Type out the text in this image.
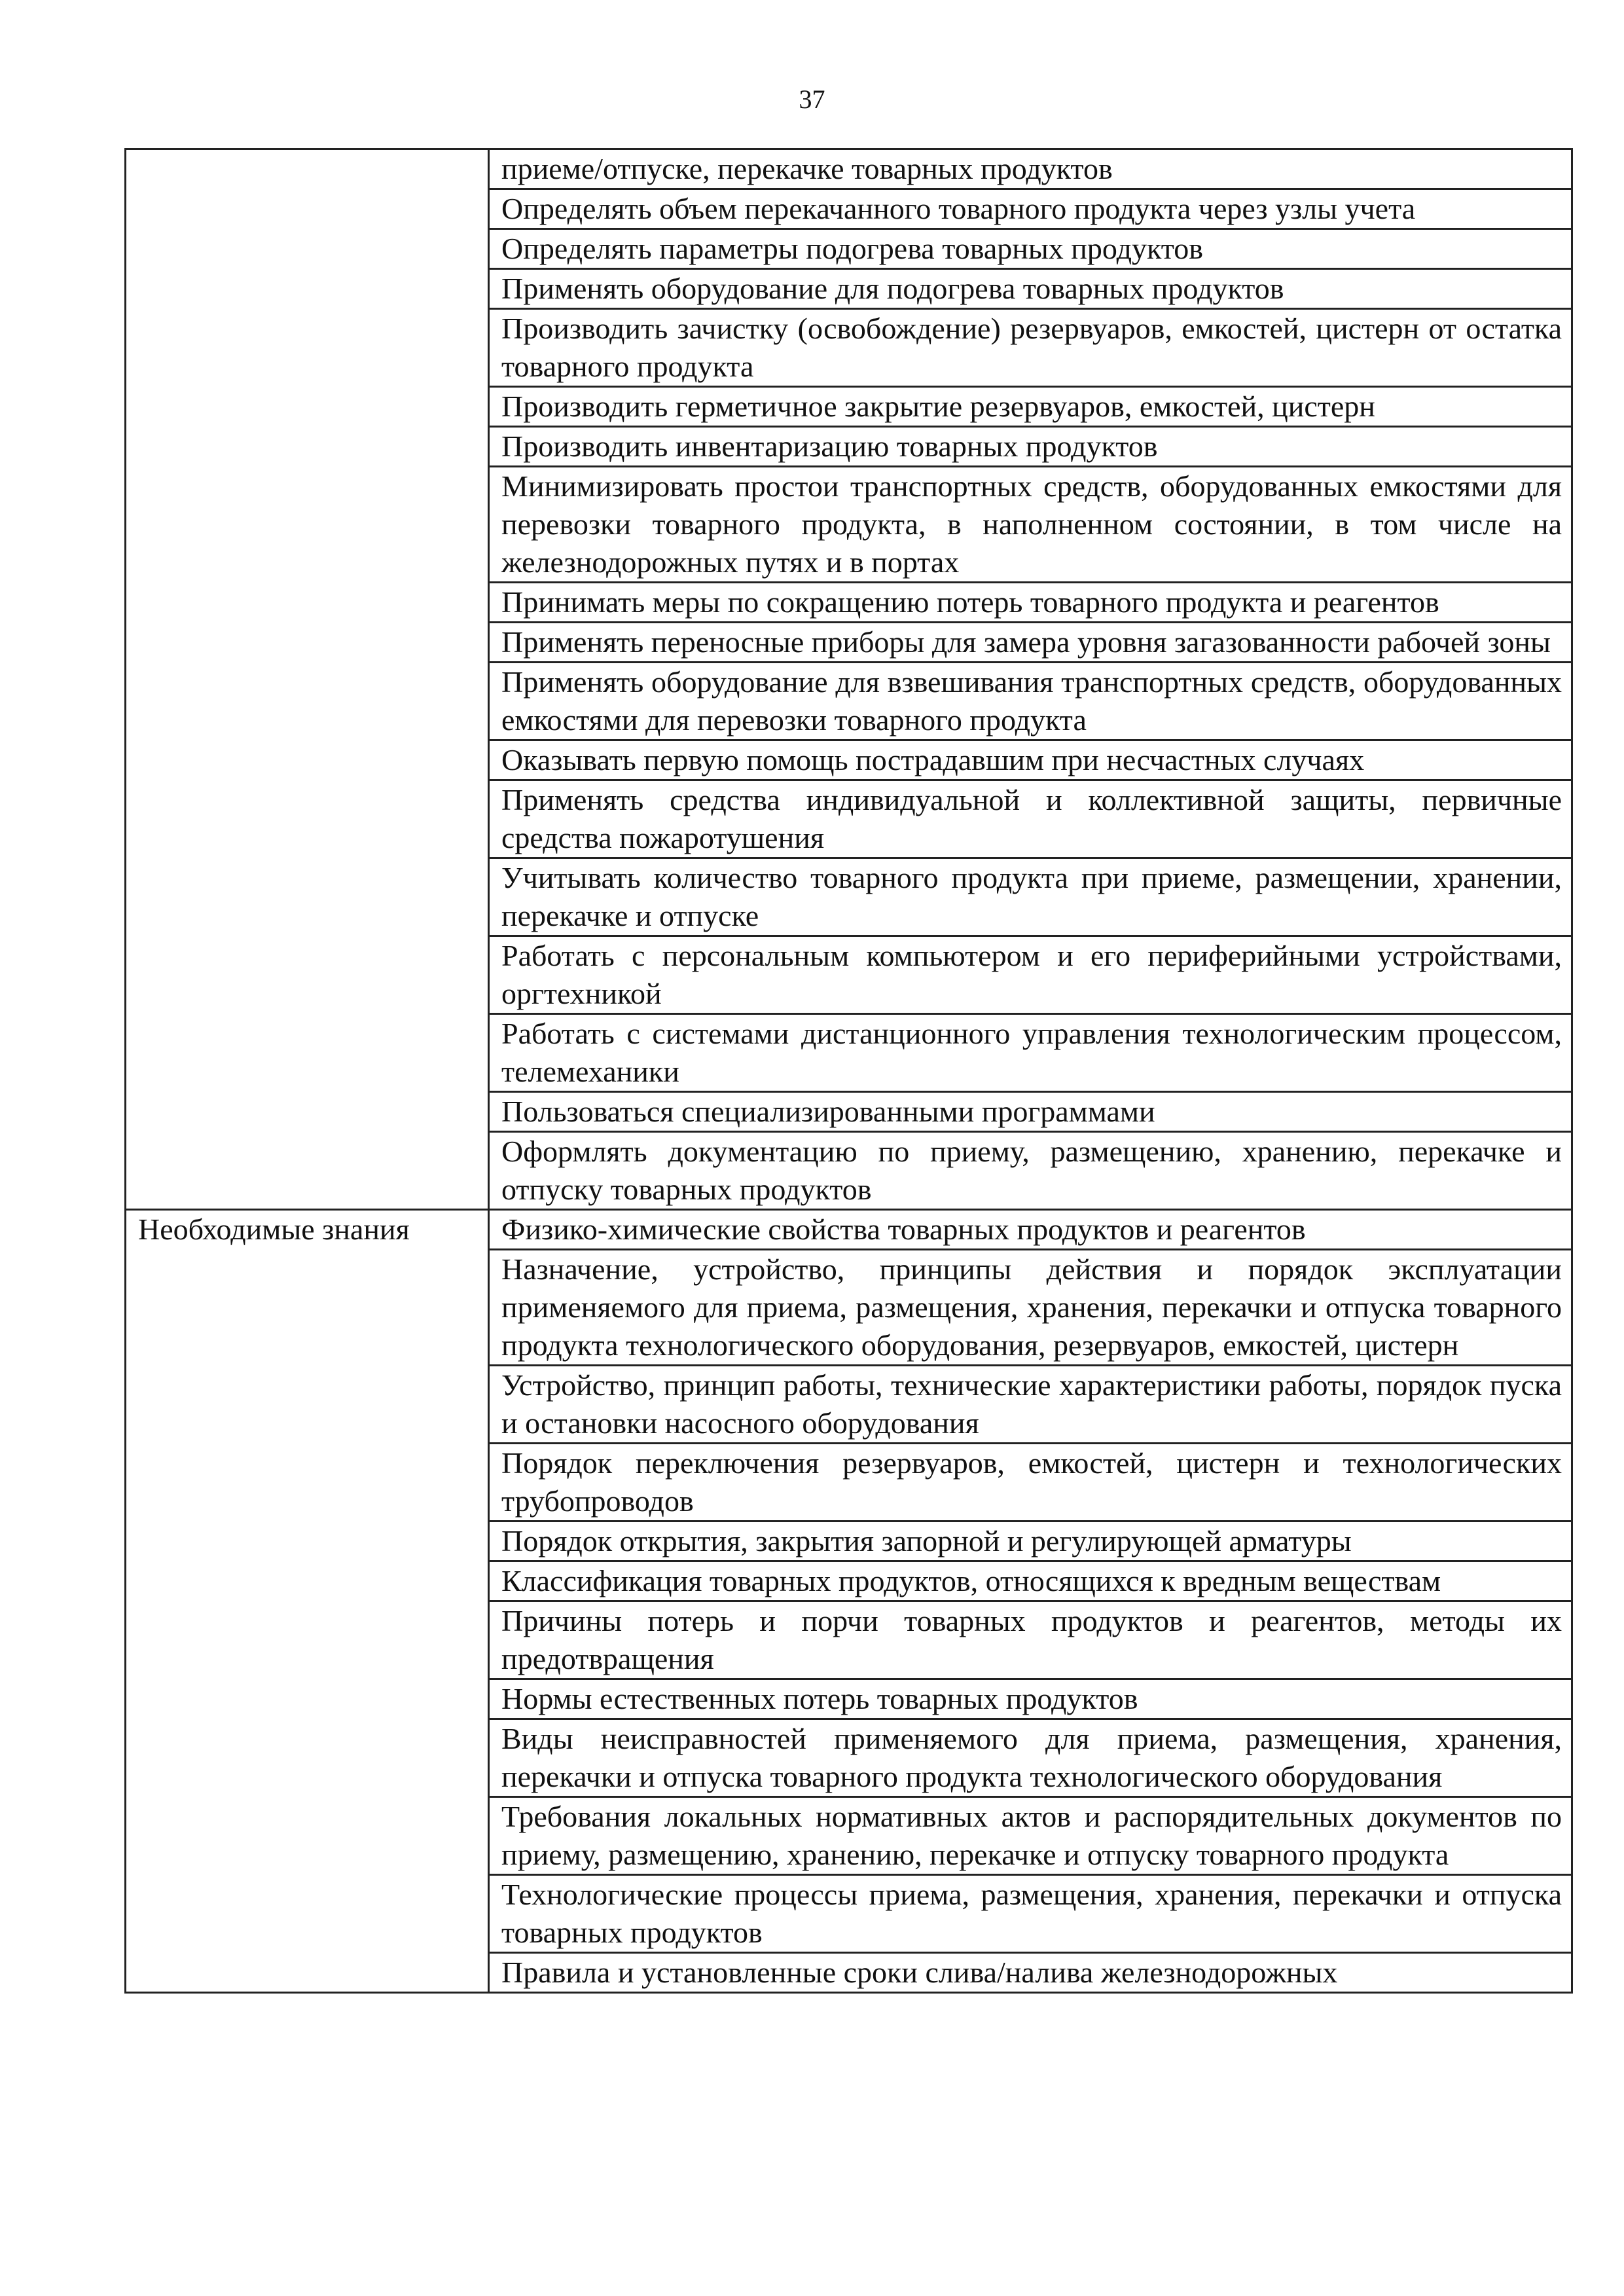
37

	приеме/отпуске, перекачке товарных продуктов

	Определять объем перекачанного товарного продукта через узлы учета

	Определять параметры подогрева товарных продуктов

	Применять оборудование для подогрева товарных продуктов

	Производить зачистку (освобождение) резервуаров, емкостей, цистерн от остатка товарного продукта

	Производить герметичное закрытие резервуаров, емкостей, цистерн

	Производить инвентаризацию товарных продуктов

	Минимизировать простои транспортных средств, оборудованных емкостями для перевозки товарного продукта, в наполненном состоянии, в том числе на железнодорожных путях и в портах

	Принимать меры по сокращению потерь товарного продукта и реагентов

	Применять переносные приборы для замера уровня загазованности рабочей зоны

	Применять оборудование для взвешивания транспортных средств, оборудованных емкостями для перевозки товарного продукта

	Оказывать первую помощь пострадавшим при несчастных случаях

	Применять средства индивидуальной и коллективной защиты, первичные средства пожаротушения

	Учитывать количество товарного продукта при приеме, размещении, хранении, перекачке и отпуске

	Работать с персональным компьютером и его периферийными устройствами, оргтехникой

	Работать с системами дистанционного управления технологическим процессом, телемеханики

	Пользоваться специализированными программами

	Оформлять документацию по приему, размещению, хранению, перекачке и отпуску товарных продуктов

Необходимые знания	Физико-химические свойства товарных продуктов и реагентов

	Назначение, устройство, принципы действия и порядок эксплуатации применяемого для приема, размещения, хранения, перекачки и отпуска товарного продукта технологического оборудования, резервуаров, емкостей, цистерн

	Устройство, принцип работы, технические характеристики работы, порядок пуска и остановки насосного оборудования

	Порядок переключения резервуаров, емкостей, цистерн и технологических трубопроводов

	Порядок открытия, закрытия запорной и регулирующей арматуры

	Классификация товарных продуктов, относящихся к вредным веществам

	Причины потерь и порчи товарных продуктов и реагентов, методы их предотвращения

	Нормы естественных потерь товарных продуктов

	Виды неисправностей применяемого для приема, размещения, хранения, перекачки и отпуска товарного продукта технологического оборудования

	Требования локальных нормативных актов и распорядительных документов по приему, размещению, хранению, перекачке и отпуску товарного продукта

	Технологические процессы приема, размещения, хранения, перекачки и отпуска товарных продуктов

	Правила и установленные сроки слива/налива железнодорожных
